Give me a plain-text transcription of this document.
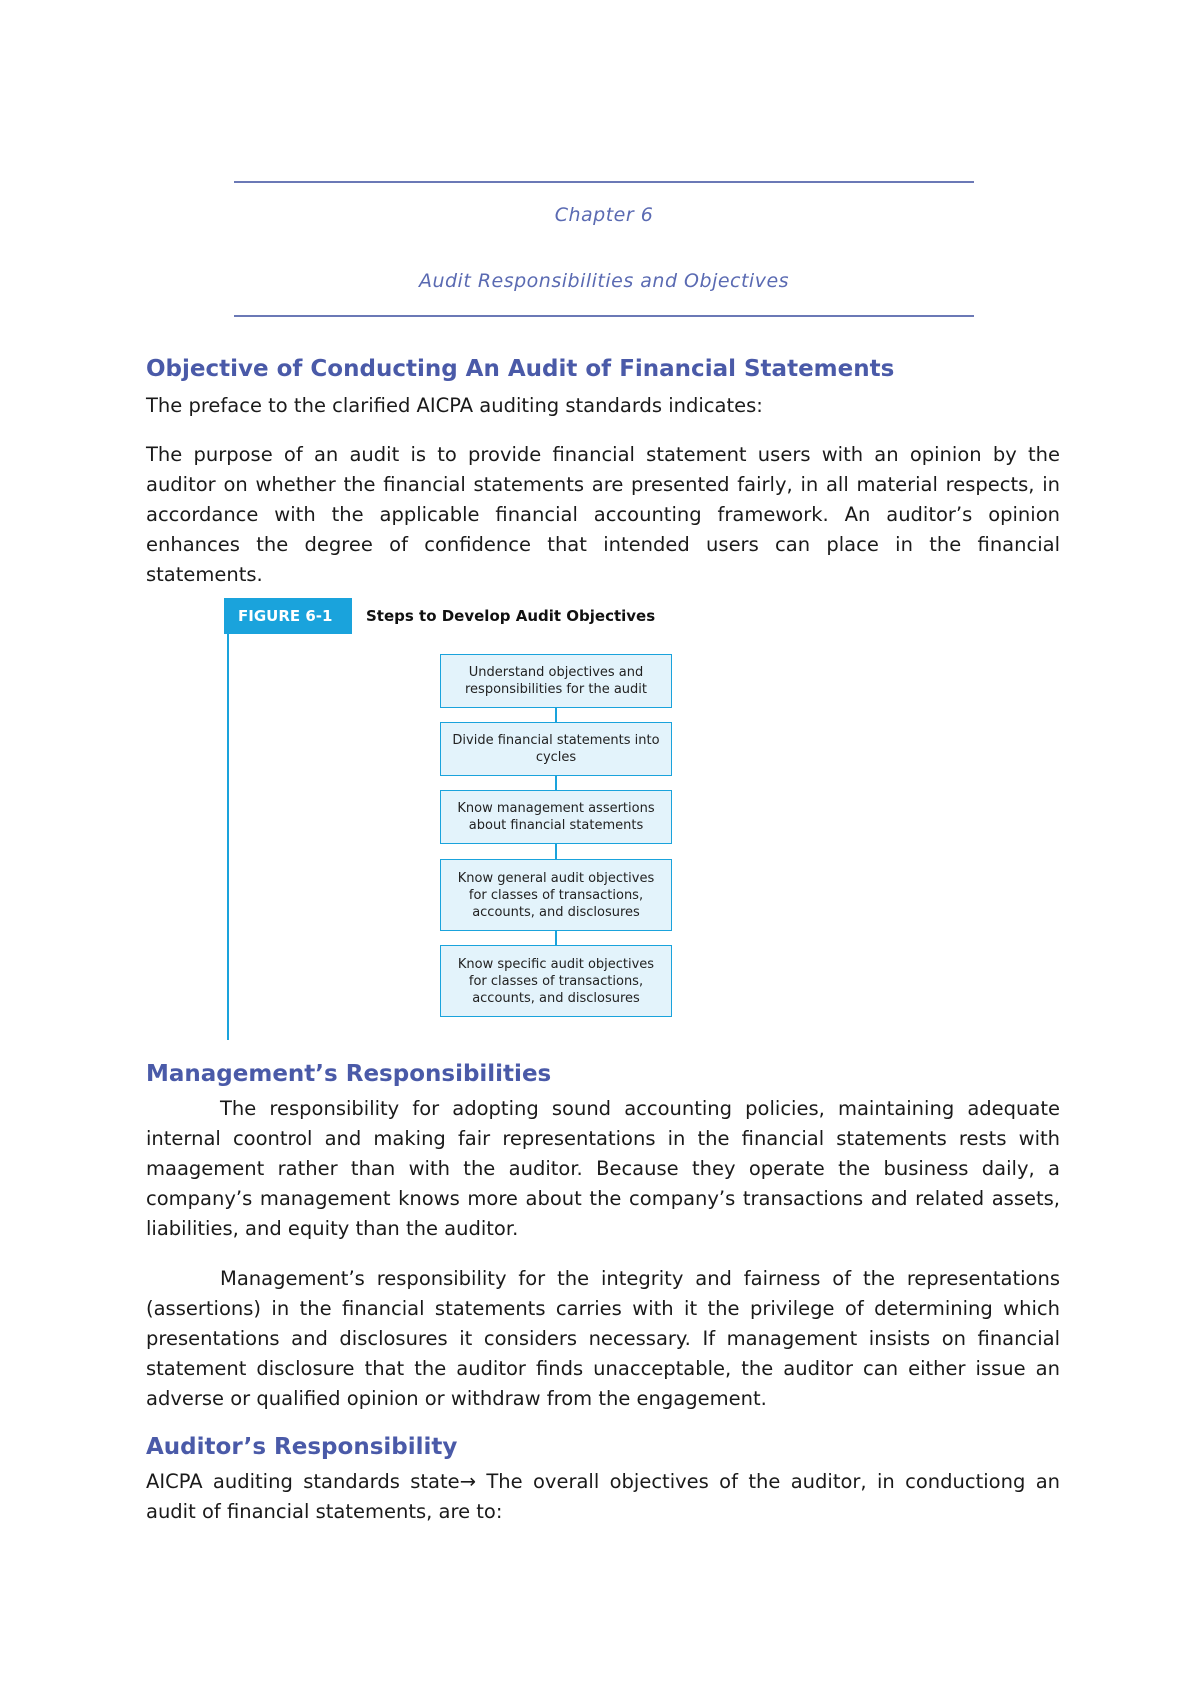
Chapter 6
Audit Responsibilities and Objectives
Objective of Conducting An Audit of Financial Statements

The preface to the clarified AICPA auditing standards indicates:

The purpose of an audit is to provide financial statement users with an opinion by the auditor on whether the financial statements are presented fairly, in all material respects, in accordance with the applicable financial accounting framework. An auditor’s opinion enhances the degree of confidence that intended users can place in the financial statements.

FIGURE 6-1	Steps to Develop Audit Objectives
Understand objectives and responsibilities for the audit
Divide financial statements into cycles
Know management assertions about financial statements
Know general audit objectives for classes of transactions, accounts, and disclosures
Know specific audit objectives for classes of transactions, accounts, and disclosures
Management’s Responsibilities

The responsibility for adopting sound accounting policies, maintaining adequate internal coontrol and making fair representations in the financial statements rests with maagement rather than with the auditor. Because they operate the business daily, a company’s management knows more about the company’s transactions and related assets, liabilities, and equity than the auditor.

Management’s responsibility for the integrity and fairness of the representations (assertions) in the financial statements carries with it the privilege of determining which presentations and disclosures it considers necessary. If management insists on financial statement disclosure that the auditor finds unacceptable, the auditor can either issue an adverse or qualified opinion or withdraw from the engagement.

Auditor’s Responsibility

AICPA auditing standards state→ The overall objectives of the auditor, in conductiong an audit of financial statements, are to:
